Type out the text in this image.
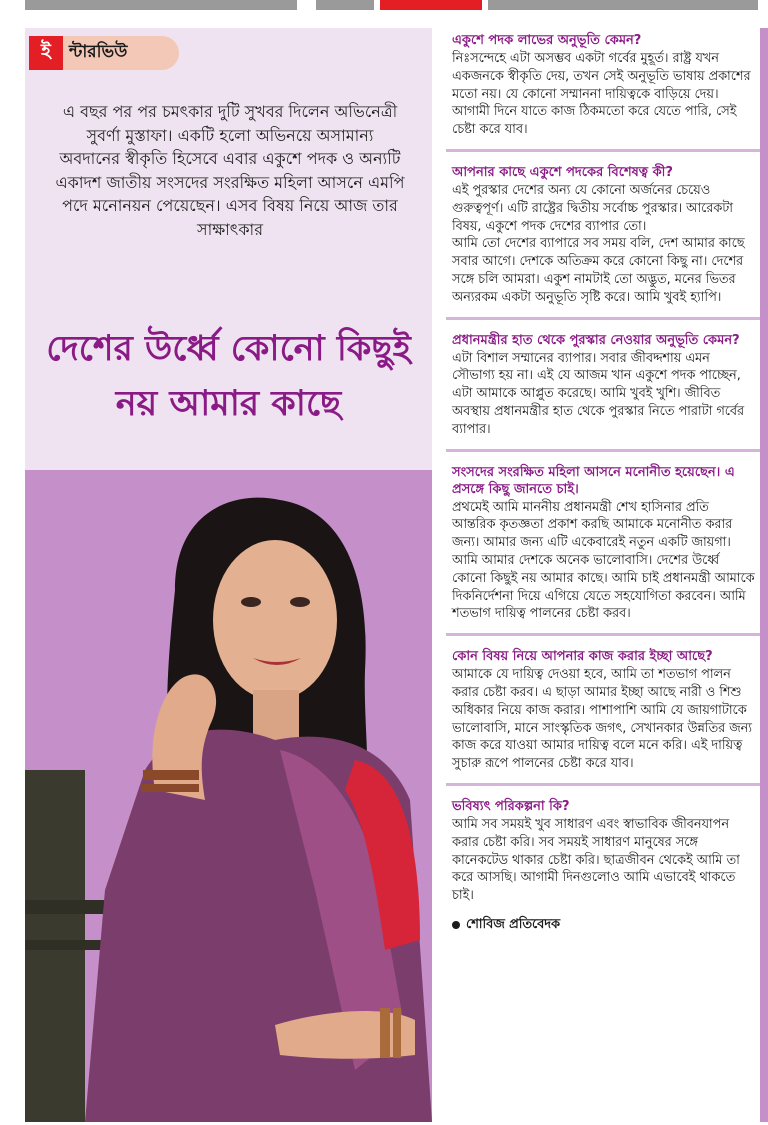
ই	ন্টারভিউ
এ বছর পর পর চমৎকার দুটি সুখবর দিলেন অভিনেত্রী সুবর্ণা মুস্তাফা। একটি হলো অভিনয়ে অসামান্য অবদানের স্বীকৃতি হিসেবে এবার একুশে পদক ও অন্যটি একাদশ জাতীয় সংসদের সংরক্ষিত মহিলা আসনে এমপি পদে মনোনয়ন পেয়েছেন। এসব বিষয় নিয়ে আজ তার সাক্ষাৎকার
দেশের উর্ধ্বে কোনো কিছুই নয় আমার কাছে

একুশে পদক লাভের অনুভূতি কেমন?

নিঃসন্দেহে এটা অসম্ভব একটা গর্বের মুহূর্ত। রাষ্ট্র যখন একজনকে স্বীকৃতি দেয়, তখন সেই অনুভূতি ভাষায় প্রকাশের মতো নয়। যে কোনো সম্মাননা দায়িত্বকে বাড়িয়ে দেয়। আগামী দিনে যাতে কাজ ঠিকমতো করে যেতে পারি, সেই চেষ্টা করে যাব।

আপনার কাছে একুশে পদকের বিশেষত্ব কী?

এই পুরস্কার দেশের অন্য যে কোনো অর্জনের চেয়েও গুরুত্বপূর্ণ। এটি রাষ্ট্রের দ্বিতীয় সর্বোচ্চ পুরস্কার। আরেকটা বিষয়, একুশে পদক দেশের ব্যাপার তো।

আমি তো দেশের ব্যাপারে সব সময় বলি, দেশ আমার কাছে সবার আগে। দেশকে অতিক্রম করে কোনো কিছু না। দেশের সঙ্গে চলি আমরা। একুশ নামটাই তো অদ্ভুত, মনের ভিতর অন্যরকম একটা অনুভূতি সৃষ্টি করে। আমি খুবই হ্যাপি।

প্রধানমন্ত্রীর হাত থেকে পুরস্কার নেওয়ার অনুভূতি কেমন?

এটা বিশাল সম্মানের ব্যাপার। সবার জীবদ্দশায় এমন সৌভাগ্য হয় না। এই যে আজম খান একুশে পদক পাচ্ছেন, এটা আমাকে আপ্লুত করেছে। আমি খুবই খুশি। জীবিত অবস্থায় প্রধানমন্ত্রীর হাত থেকে পুরস্কার নিতে পারাটা গর্বের ব্যাপার।

সংসদের সংরক্ষিত মহিলা আসনে মনোনীত হয়েছেন। এ প্রসঙ্গে কিছু জানতে চাই।

প্রথমেই আমি মাননীয় প্রধানমন্ত্রী শেখ হাসিনার প্রতি আন্তরিক কৃতজ্ঞতা প্রকাশ করছি আমাকে মনোনীত করার জন্য। আমার জন্য এটি একেবারেই নতুন একটি জায়গা। আমি আমার দেশকে অনেক ভালোবাসি। দেশের উর্ধ্বে কোনো কিছুই নয় আমার কাছে। আমি চাই প্রধানমন্ত্রী আমাকে দিকনির্দেশনা দিয়ে এগিয়ে যেতে সহযোগিতা করবেন। আমি শতভাগ দায়িত্ব পালনের চেষ্টা করব।

কোন বিষয় নিয়ে আপনার কাজ করার ইচ্ছা আছে?

আমাকে যে দায়িত্ব দেওয়া হবে, আমি তা শতভাগ পালন করার চেষ্টা করব। এ ছাড়া আমার ইচ্ছা আছে নারী ও শিশু অধিকার নিয়ে কাজ করার। পাশাপাশি আমি যে জায়গাটাকে ভালোবাসি, মানে সাংস্কৃতিক জগৎ, সেখানকার উন্নতির জন্য কাজ করে যাওয়া আমার দায়িত্ব বলে মনে করি। এই দায়িত্ব সুচারু রূপে পালনের চেষ্টা করে যাব।

ভবিষ্যৎ পরিকল্পনা কি?

আমি সব সময়ই খুব সাধারণ এবং স্বাভাবিক জীবনযাপন করার চেষ্টা করি। সব সময়ই সাধারণ মানুষের সঙ্গে কানেকটেড থাকার চেষ্টা করি। ছাত্রজীবন থেকেই আমি তা করে আসছি। আগামী দিনগুলোও আমি এভাবেই থাকতে চাই।

শোবিজ প্রতিবেদক
